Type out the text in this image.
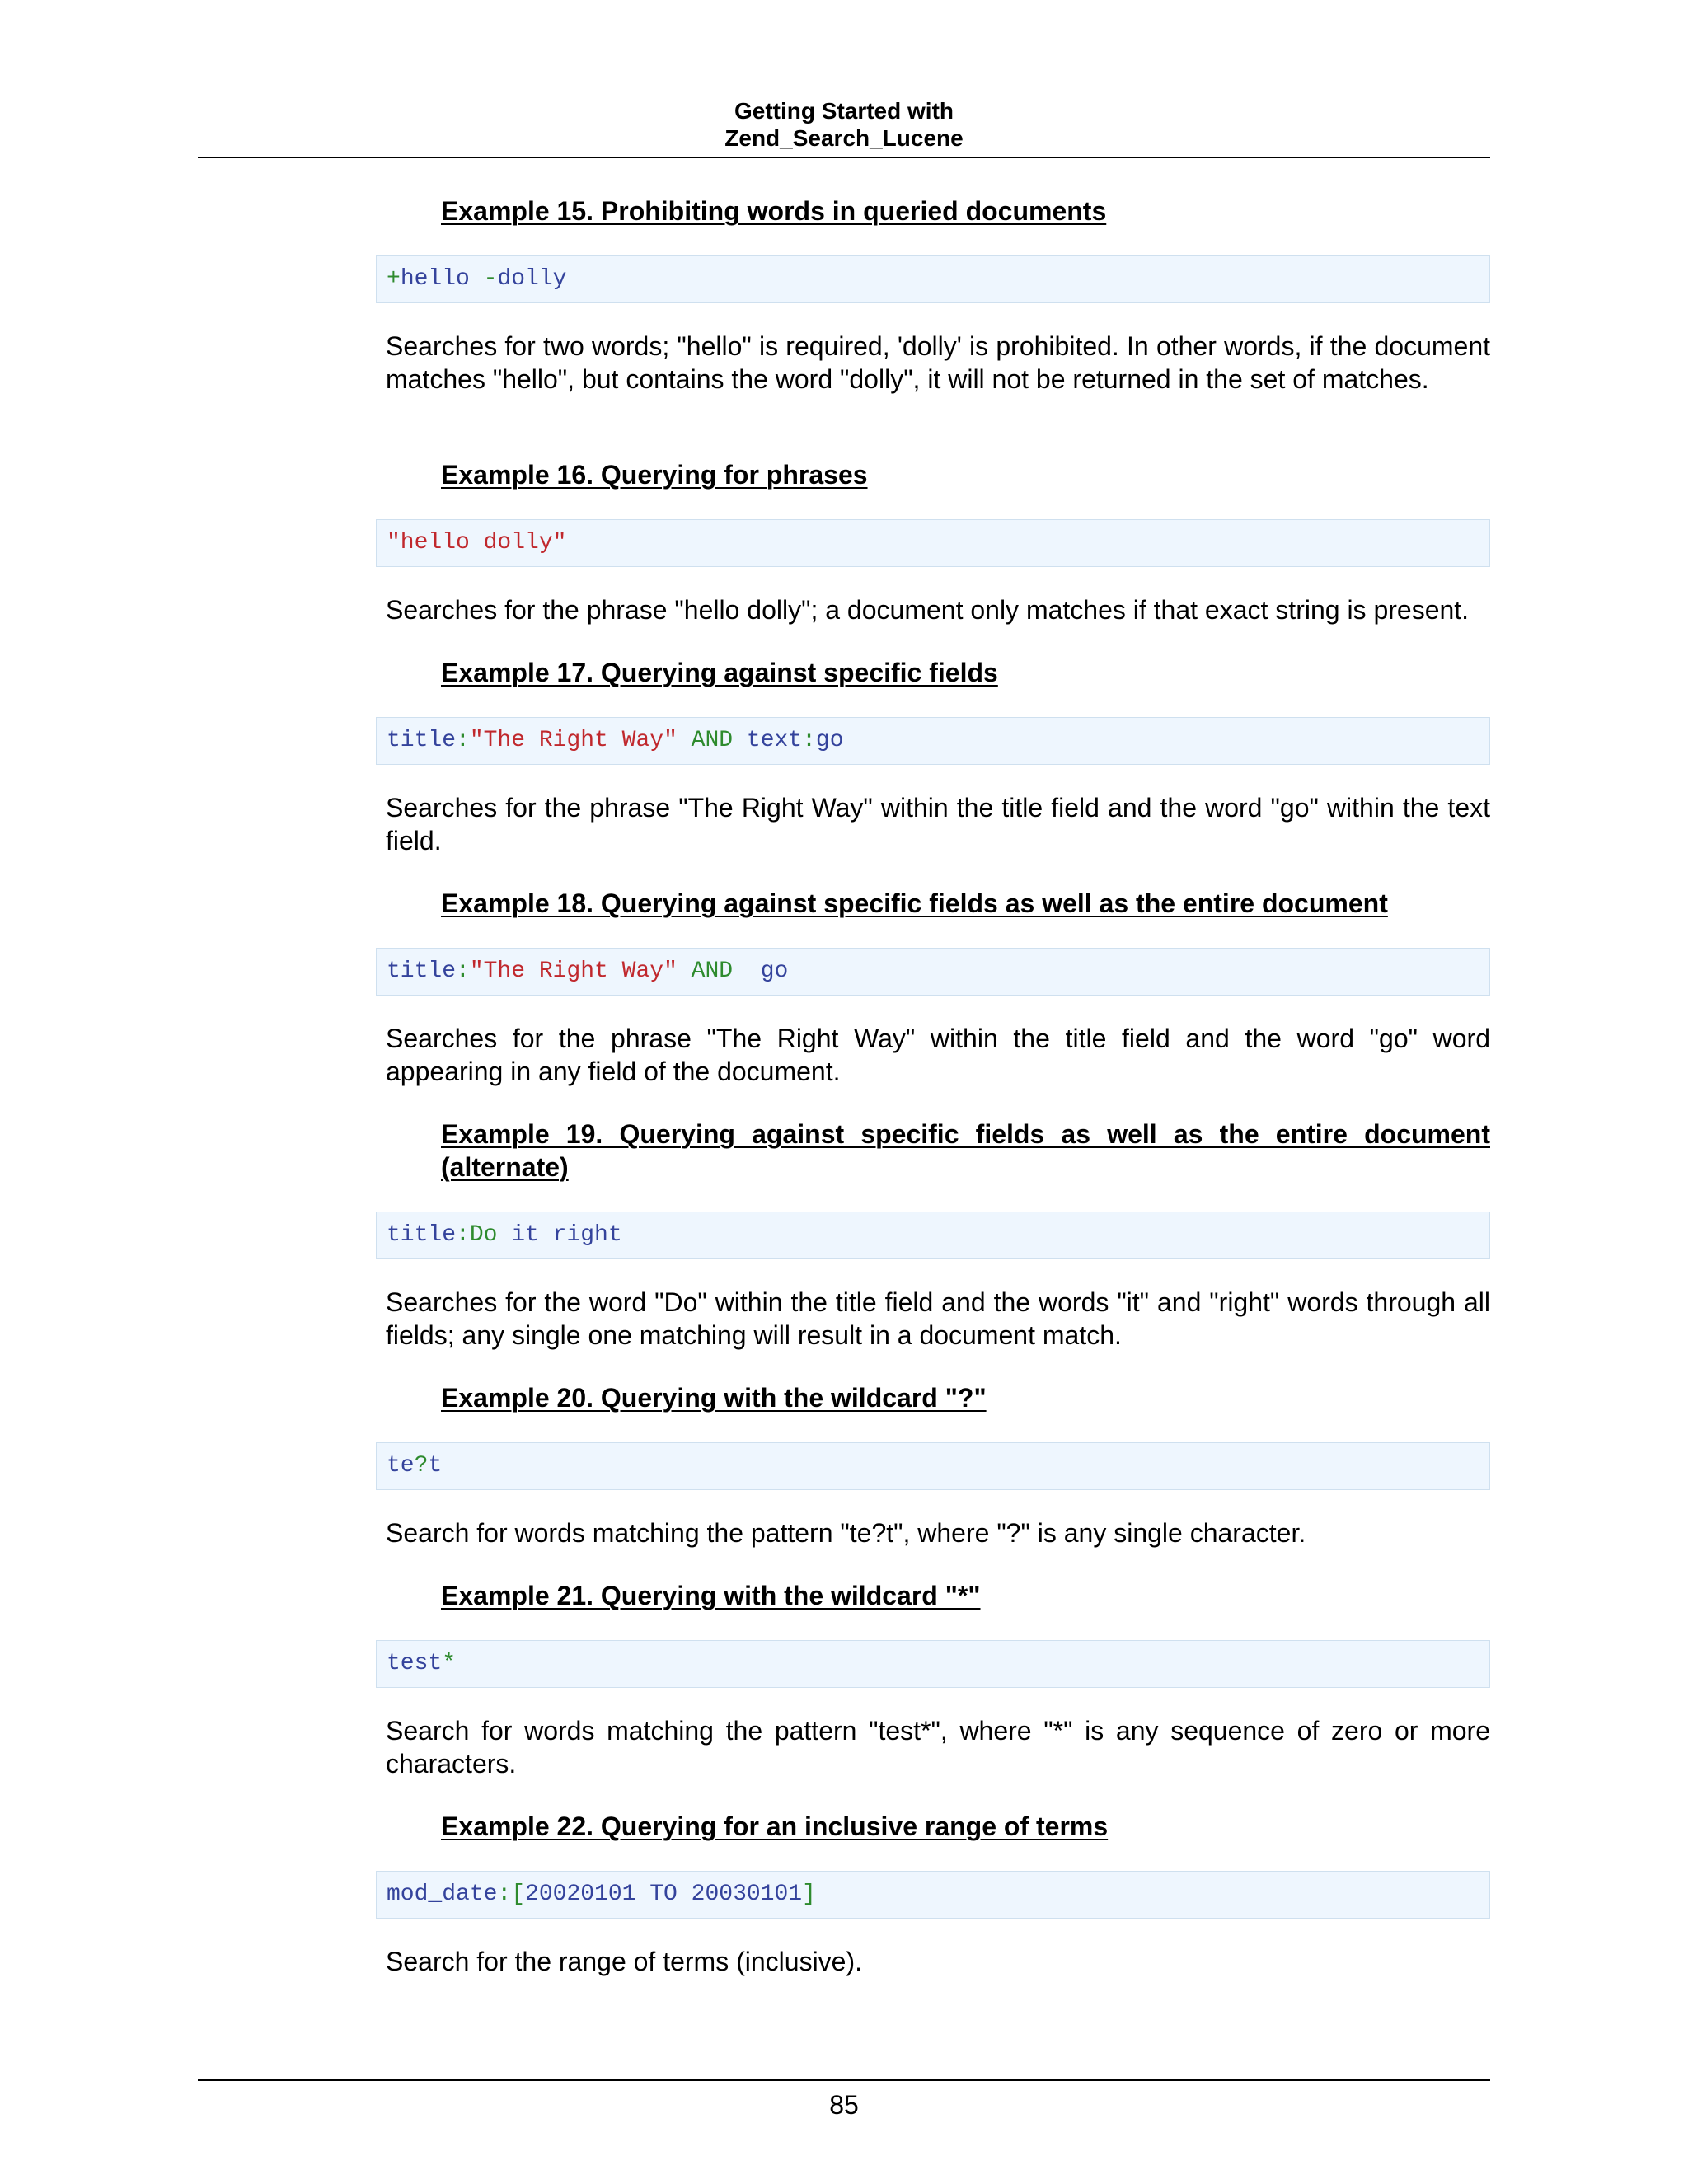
Getting Started with
Zend_Search_Lucene
Example 15. Prohibiting words in queried documents
+hello -dolly
Searches for two words; "hello" is required, 'dolly' is prohibited. In other words, if the document matches "hello", but contains the word "dolly", it will not be returned in the set of matches.
Example 16. Querying for phrases
"hello dolly"
Searches for the phrase "hello dolly"; a document only matches if that exact string is present.
Example 17. Querying against specific fields
title:"The Right Way" AND text:go
Searches for the phrase "The Right Way" within the title field and the word "go" within the text field.
Example 18. Querying against specific fields as well as the entire document
title:"The Right Way" AND  go
Searches for the phrase "The Right Way" within the title field and the word "go" word appearing in any field of the document.
Example 19. Querying against specific fields as well as the entire document (alternate)
title:Do it right
Searches for the word "Do" within the title field and the words "it" and "right" words through all fields; any single one matching will result in a document match.
Example 20. Querying with the wildcard "?"
te?t
Search for words matching the pattern "te?t", where "?" is any single character.
Example 21. Querying with the wildcard "*"
test*
Search for words matching the pattern "test*", where "*" is any sequence of zero or more characters.
Example 22. Querying for an inclusive range of terms
mod_date:[20020101 TO 20030101]
Search for the range of terms (inclusive).
85
